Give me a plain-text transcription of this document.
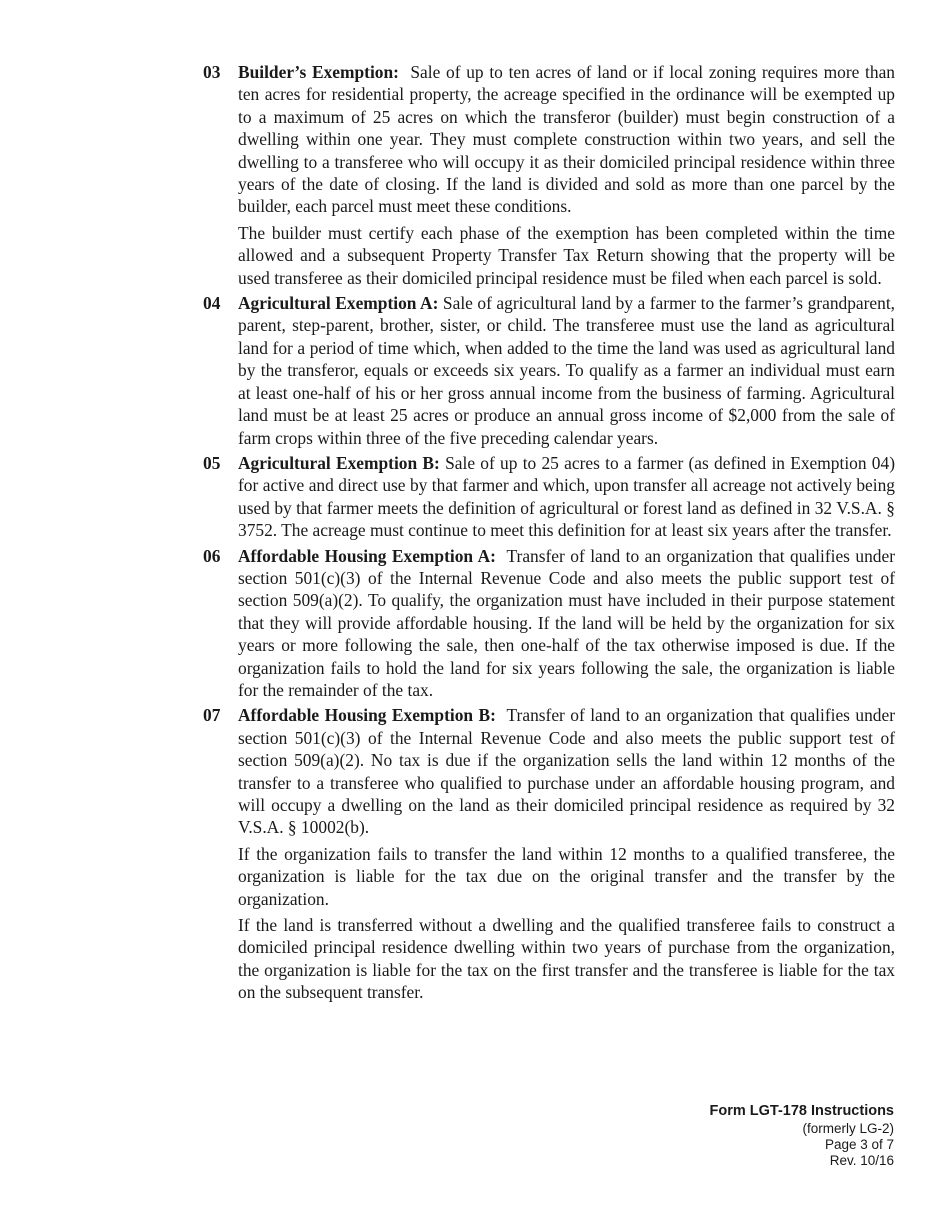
03	Builder’s Exemption: Sale of up to ten acres of land or if local zoning requires more than ten acres for residential property, the acreage specified in the ordinance will be exempted up to a maximum of 25 acres on which the transferor (builder) must begin construction of a dwelling within one year. They must complete construction within two years, and sell the dwelling to a transferee who will occupy it as their domiciled principal residence within three years of the date of closing. If the land is divided and sold as more than one parcel by the builder, each parcel must meet these conditions.

The builder must certify each phase of the exemption has been completed within the time allowed and a subsequent Property Transfer Tax Return showing that the property will be used transferee as their domiciled principal residence must be filed when each parcel is sold.

04	Agricultural Exemption A: Sale of agricultural land by a farmer to the farmer’s grandparent, parent, step-parent, brother, sister, or child. The transferee must use the land as agricultural land for a period of time which, when added to the time the land was used as agricultural land by the transferor, equals or exceeds six years. To qualify as a farmer an individual must earn at least one-half of his or her gross annual income from the business of farming. Agricultural land must be at least 25 acres or produce an annual gross income of $2,000 from the sale of farm crops within three of the five preceding calendar years.

05	Agricultural Exemption B: Sale of up to 25 acres to a farmer (as defined in Exemption 04) for active and direct use by that farmer and which, upon transfer all acreage not actively being used by that farmer meets the definition of agricultural or forest land as defined in 32 V.S.A. § 3752. The acreage must continue to meet this definition for at least six years after the transfer.

06	Affordable Housing Exemption A: Transfer of land to an organization that qualifies under section 501(c)(3) of the Internal Revenue Code and also meets the public support test of section 509(a)(2). To qualify, the organization must have included in their purpose statement that they will provide affordable housing. If the land will be held by the organization for six years or more following the sale, then one-half of the tax otherwise imposed is due. If the organization fails to hold the land for six years following the sale, the organization is liable for the remainder of the tax.

07	Affordable Housing Exemption B: Transfer of land to an organization that qualifies under section 501(c)(3) of the Internal Revenue Code and also meets the public support test of section 509(a)(2). No tax is due if the organization sells the land within 12 months of the transfer to a transferee who qualified to purchase under an affordable housing program, and will occupy a dwelling on the land as their domiciled principal residence as required by 32 V.S.A. § 10002(b).

If the organization fails to transfer the land within 12 months to a qualified transferee, the organization is liable for the tax due on the original transfer and the transfer by the organization.

If the land is transferred without a dwelling and the qualified transferee fails to construct a domiciled principal residence dwelling within two years of purchase from the organization, the organization is liable for the tax on the first transfer and the transferee is liable for the tax on the subsequent transfer.

Form LGT-178 Instructions
(formerly LG-2)
Page 3 of 7
Rev. 10/16
